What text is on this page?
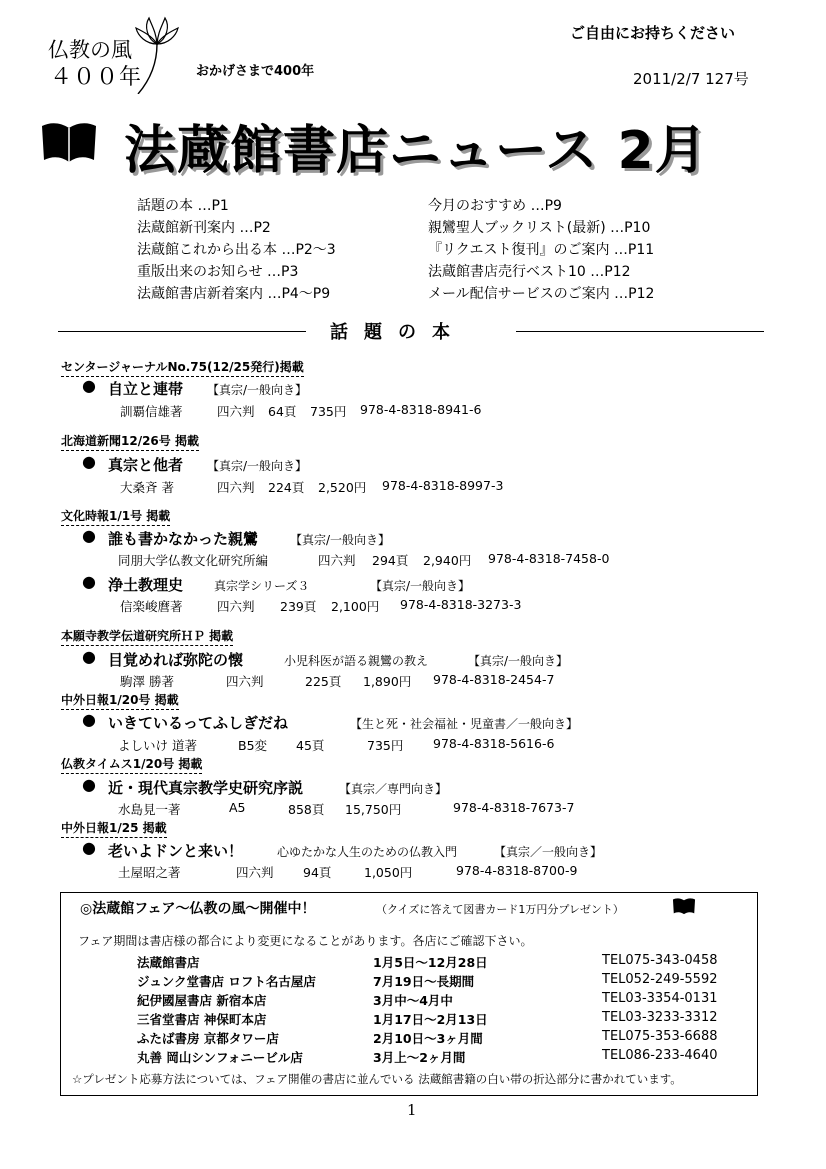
仏教の風
４００年	おかげさまで400年
ご自由にお持ちください
2011/2/7 127号
法蔵館書店ニュース 2月
話題の本 …P1
法蔵館新刊案内 …P2
法蔵館これから出る本 …P2～3
重版出来のお知らせ …P3
法蔵館書店新着案内 …P4～P9
今月のおすすめ …P9
親鸞聖人ブックリスト(最新) …P10
『リクエスト復刊』のご案内 …P11
法蔵館書店売行ベスト10 …P12
メール配信サービスのご案内 …P12
話題の本
センタージャーナルNo.75(12/25発行)掲載
● 自立と連帯 【真宗/一般向き】
訓覇信雄著	四六判 64頁 735円 978-4-8318-8941-6
北海道新聞12/26号 掲載
● 真宗と他者 【真宗/一般向き】
大桑斉 著	四六判 224頁 2,520円 978-4-8318-8997-3
文化時報1/1号 掲載
● 誰も書かなかった親鸞	【真宗/一般向き】
同朋大学仏教文化研究所編	四六判 294頁 2,940円 978-4-8318-7458-0
● 浄土教理史	真宗学シリーズ３	【真宗/一般向き】
信楽峻麿著	四六判 239頁 2,100円 978-4-8318-3273-3
本願寺教学伝道研究所ＨＰ 掲載
● 目覚めれば弥陀の懐	小児科医が語る親鸞の教え	【真宗/一般向き】
駒澤 勝著	四六判	225頁 1,890円 978-4-8318-2454-7
中外日報1/20号 掲載
● いきているってふしぎだね	【生と死・社会福祉・児童書／一般向き】
よしいけ 道著	B5変 45頁	735円 978-4-8318-5616-6
仏教タイムス1/20号 掲載
● 近・現代真宗教学史研究序説	【真宗／専門向き】
水島見一著	A5	858頁 15,750円	978-4-8318-7673-7
中外日報1/25 掲載
● 老いよドンと来い！	心ゆたかな人生のための仏教入門	【真宗／一般向き】
土屋昭之著	四六判 94頁	1,050円	978-4-8318-8700-9
◎法蔵館フェア～仏教の風～開催中！	（クイズに答えて図書カード1万円分プレゼント）
フェア期間は書店様の都合により変更になることがあります。各店にご確認下さい。
法蔵館書店	1月5日～12月28日	TEL075-343-0458
ジュンク堂書店 ロフト名古屋店	7月19日～長期間	TEL052-249-5592
紀伊國屋書店 新宿本店	3月中～4月中	TEL03-3354-0131
三省堂書店 神保町本店	1月17日～2月13日	TEL03-3233-3312
ふたば書房 京都タワー店	2月10日～3ヶ月間	TEL075-353-6688
丸善 岡山シンフォニービル店	3月上～2ヶ月間	TEL086-233-4640
☆プレゼント応募方法については、フェア開催の書店に並んでいる 法蔵館書籍の白い帯の折込部分に書かれています。
1
